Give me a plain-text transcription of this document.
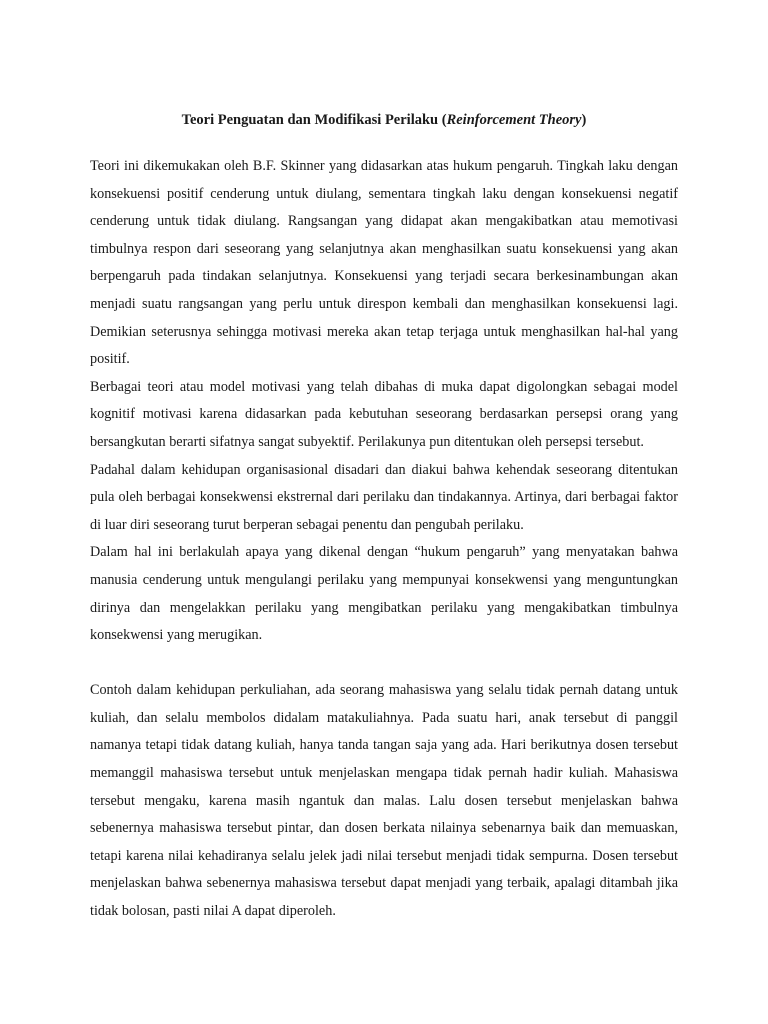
Teori Penguatan dan Modifikasi Perilaku (Reinforcement Theory)

Teori ini dikemukakan oleh B.F. Skinner yang didasarkan atas hukum pengaruh. Tingkah laku dengan konsekuensi positif cenderung untuk diulang, sementara tingkah laku dengan konsekuensi negatif cenderung untuk tidak diulang. Rangsangan yang didapat akan mengakibatkan atau memotivasi timbulnya respon dari seseorang yang selanjutnya akan menghasilkan suatu konsekuensi yang akan berpengaruh pada tindakan selanjutnya. Konsekuensi yang terjadi secara berkesinambungan akan menjadi suatu rangsangan yang perlu untuk direspon kembali dan menghasilkan konsekuensi lagi. Demikian seterusnya sehingga motivasi mereka akan tetap terjaga untuk menghasilkan hal-hal yang positif.

Berbagai teori atau model motivasi yang telah dibahas di muka dapat digolongkan sebagai model kognitif motivasi karena didasarkan pada kebutuhan seseorang berdasarkan persepsi orang yang bersangkutan berarti sifatnya sangat subyektif. Perilakunya pun ditentukan oleh persepsi tersebut.

Padahal dalam kehidupan organisasional disadari dan diakui bahwa kehendak seseorang ditentukan pula oleh berbagai konsekwensi ekstrernal dari perilaku dan tindakannya. Artinya, dari berbagai faktor di luar diri seseorang turut berperan sebagai penentu dan pengubah perilaku.

Dalam hal ini berlakulah apaya yang dikenal dengan “hukum pengaruh” yang menyatakan bahwa manusia cenderung untuk mengulangi perilaku yang mempunyai konsekwensi yang menguntungkan dirinya dan mengelakkan perilaku yang mengibatkan perilaku yang mengakibatkan timbulnya konsekwensi yang merugikan.

Contoh dalam kehidupan perkuliahan, ada seorang mahasiswa yang selalu tidak pernah datang untuk kuliah, dan selalu membolos didalam matakuliahnya. Pada suatu hari, anak tersebut di panggil namanya tetapi tidak datang kuliah, hanya tanda tangan saja yang ada. Hari berikutnya dosen tersebut memanggil mahasiswa tersebut untuk menjelaskan mengapa tidak pernah hadir kuliah. Mahasiswa tersebut mengaku, karena masih ngantuk dan malas. Lalu dosen tersebut menjelaskan bahwa sebenernya mahasiswa tersebut pintar, dan dosen berkata nilainya sebenarnya baik dan memuaskan, tetapi karena nilai kehadiranya selalu jelek jadi nilai tersebut menjadi tidak sempurna. Dosen tersebut menjelaskan bahwa sebenernya mahasiswa tersebut dapat menjadi yang terbaik, apalagi ditambah jika tidak bolosan, pasti nilai A dapat diperoleh.
